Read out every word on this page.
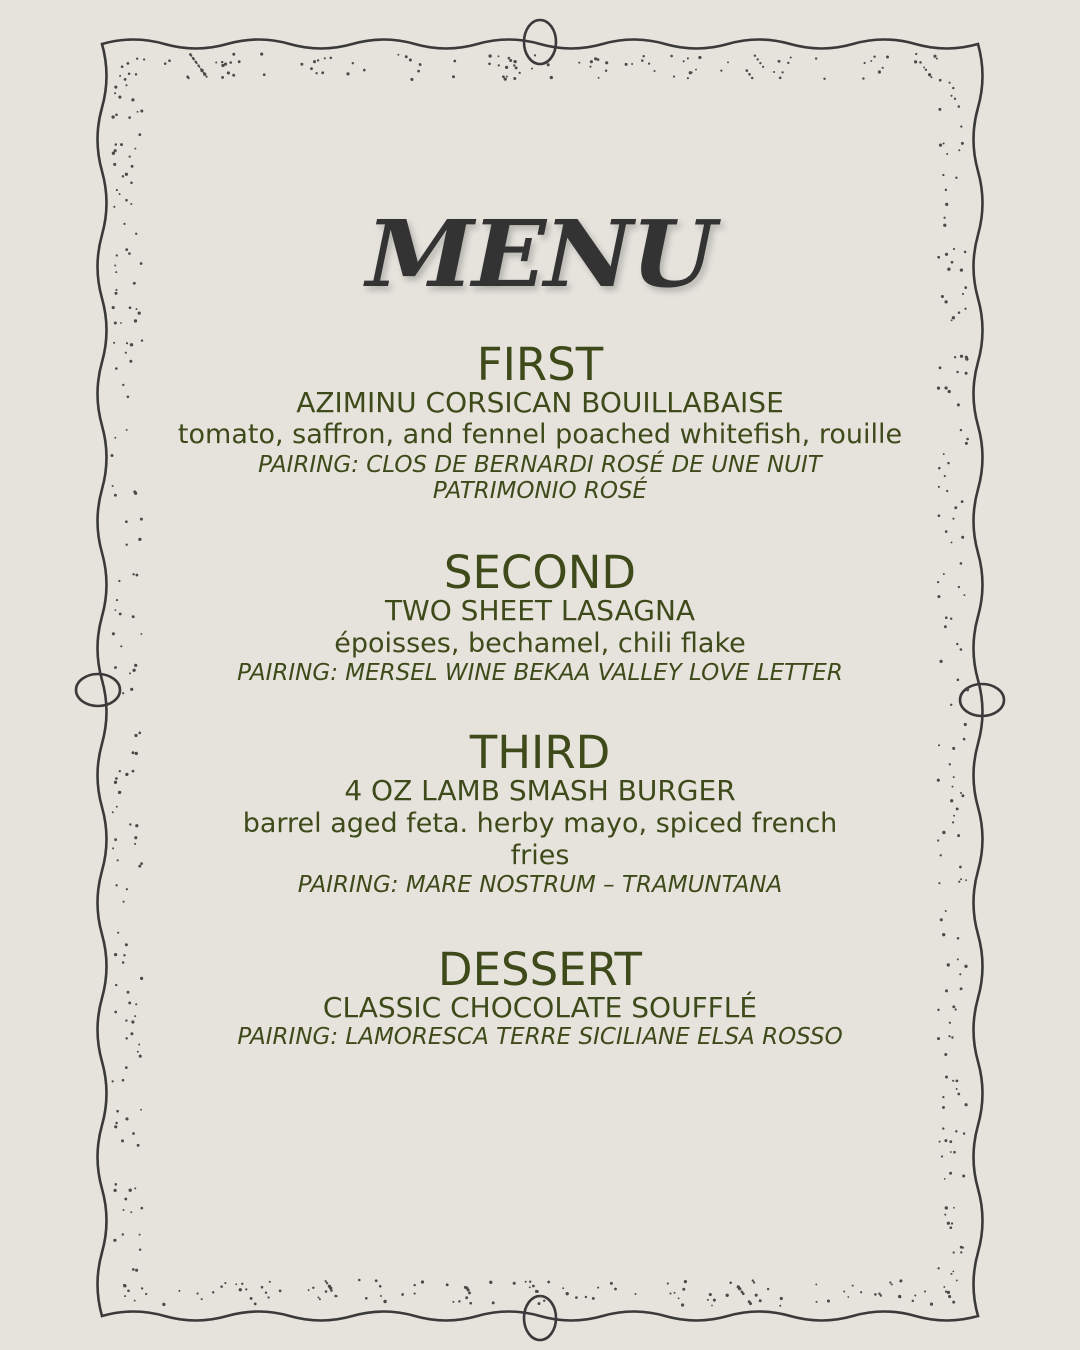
MENU
FIRST
AZIMINU CORSICAN BOUILLABAISE
tomato, saffron, and fennel poached whitefish, rouille
PAIRING: CLOS DE BERNARDI ROSÉ DE UNE NUIT PATRIMONIO ROSÉ
SECOND
TWO SHEET LASAGNA
époisses, bechamel, chili flake
PAIRING: MERSEL WINE BEKAA VALLEY LOVE LETTER
THIRD
4 OZ LAMB SMASH BURGER
barrel aged feta. herby mayo, spiced french fries
PAIRING: MARE NOSTRUM – TRAMUNTANA
DESSERT
CLASSIC CHOCOLATE SOUFFLÉ
PAIRING: LAMORESCA TERRE SICILIANE ELSA ROSSO
